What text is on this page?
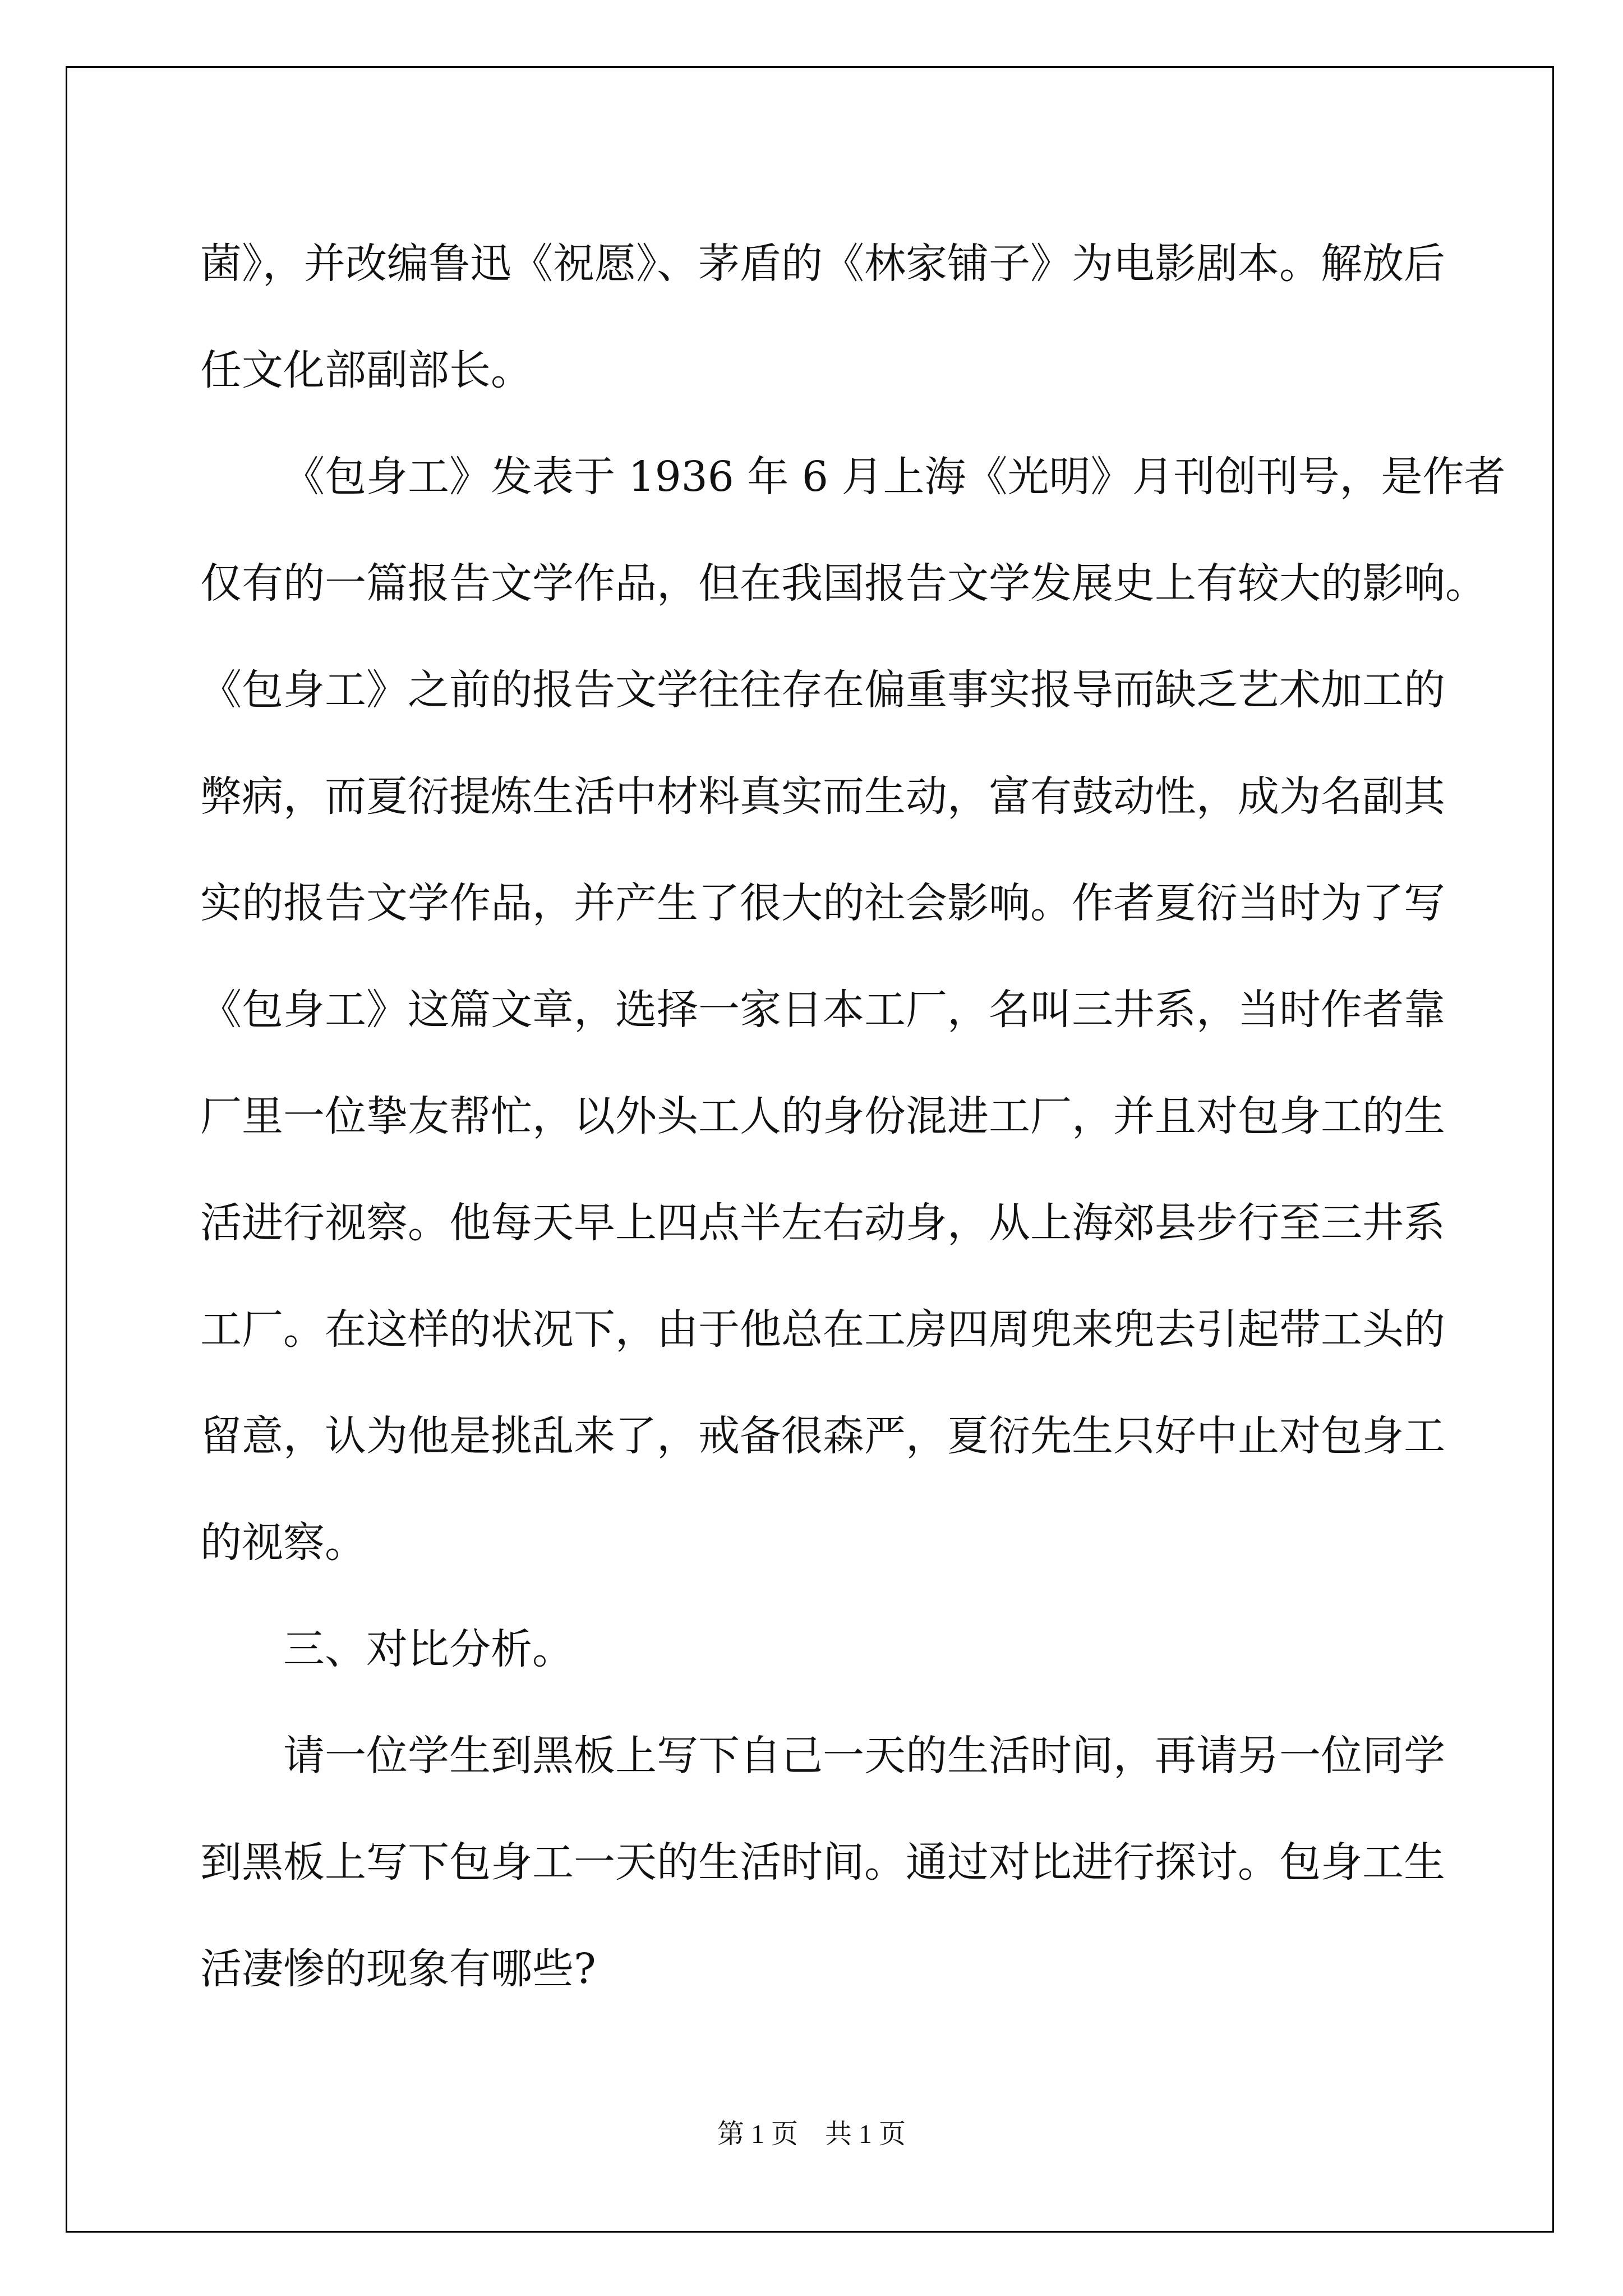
菌》，并改编鲁迅《祝愿》、茅盾的《林家铺子》为电影剧本。解放后
任文化部副部长。
《包身工》发表于 1936 年 6 月上海《光明》月刊创刊号，是作者
仅有的一篇报告文学作品，但在我国报告文学发展史上有较大的影响。
《包身工》之前的报告文学往往存在偏重事实报导而缺乏艺术加工的
弊病，而夏衍提炼生活中材料真实而生动，富有鼓动性，成为名副其
实的报告文学作品，并产生了很大的社会影响。作者夏衍当时为了写
《包身工》这篇文章，选择一家日本工厂，名叫三井系，当时作者靠
厂里一位挚友帮忙，以外头工人的身份混进工厂，并且对包身工的生
活进行视察。他每天早上四点半左右动身，从上海郊县步行至三井系
工厂。在这样的状况下，由于他总在工房四周兜来兜去引起带工头的
留意，认为他是挑乱来了，戒备很森严，夏衍先生只好中止对包身工
的视察。
三、对比分析。
请一位学生到黑板上写下自己一天的生活时间，再请另一位同学
到黑板上写下包身工一天的生活时间。通过对比进行探讨。包身工生
活凄惨的现象有哪些?
第 1 页 共 1 页
